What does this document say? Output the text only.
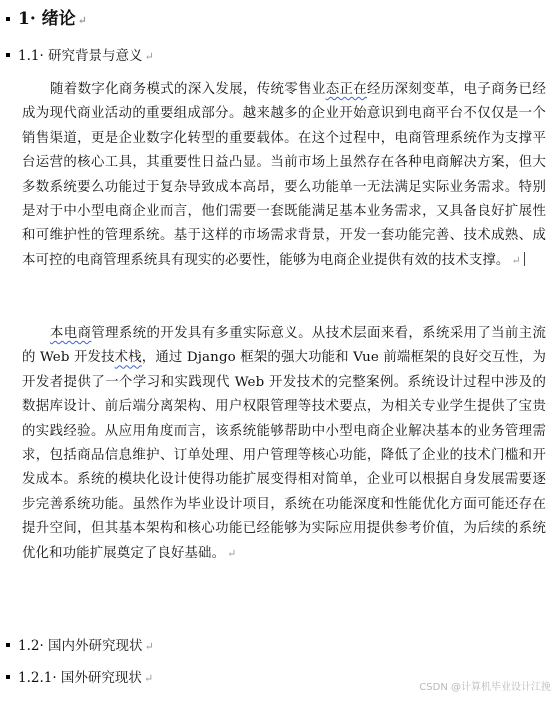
1· 绪论 ↵
1.1· 研究背景与意义 ↵

随着数字化商务模式的深入发展，传统零售业态正在经历深刻变革，电子商务已经成为现代商业活动的重要组成部分。越来越多的企业开始意识到电商平台不仅仅是一个销售渠道，更是企业数字化转型的重要载体。在这个过程中，电商管理系统作为支撑平台运营的核心工具，其重要性日益凸显。当前市场上虽然存在各种电商解决方案，但大多数系统要么功能过于复杂导致成本高昂，要么功能单一无法满足实际业务需求。特别是对于中小型电商企业而言，他们需要一套既能满足基本业务需求，又具备良好扩展性和可维护性的管理系统。基于这样的市场需求背景，开发一套功能完善、技术成熟、成本可控的电商管理系统具有现实的必要性，能够为电商企业提供有效的技术支撑。 ↵

本电商管理系统的开发具有多重实际意义。从技术层面来看，系统采用了当前主流的 Web 开发技术栈，通过 Django 框架的强大功能和 Vue 前端框架的良好交互性，为开发者提供了一个学习和实践现代 Web 开发技术的完整案例。系统设计过程中涉及的数据库设计、前后端分离架构、用户权限管理等技术要点，为相关专业学生提供了宝贵的实践经验。从应用角度而言，该系统能够帮助中小型电商企业解决基本的业务管理需求，包括商品信息维护、订单处理、用户管理等核心功能，降低了企业的技术门槛和开发成本。系统的模块化设计使得功能扩展变得相对简单，企业可以根据自身发展需要逐步完善系统功能。虽然作为毕业设计项目，系统在功能深度和性能优化方面可能还存在提升空间，但其基本架构和核心功能已经能够为实际应用提供参考价值，为后续的系统优化和功能扩展奠定了良好基础。 ↵

1.2· 国内外研究现状 ↵
1.2.1· 国外研究现状 ↵
CSDN @计算机毕业设计江挽
